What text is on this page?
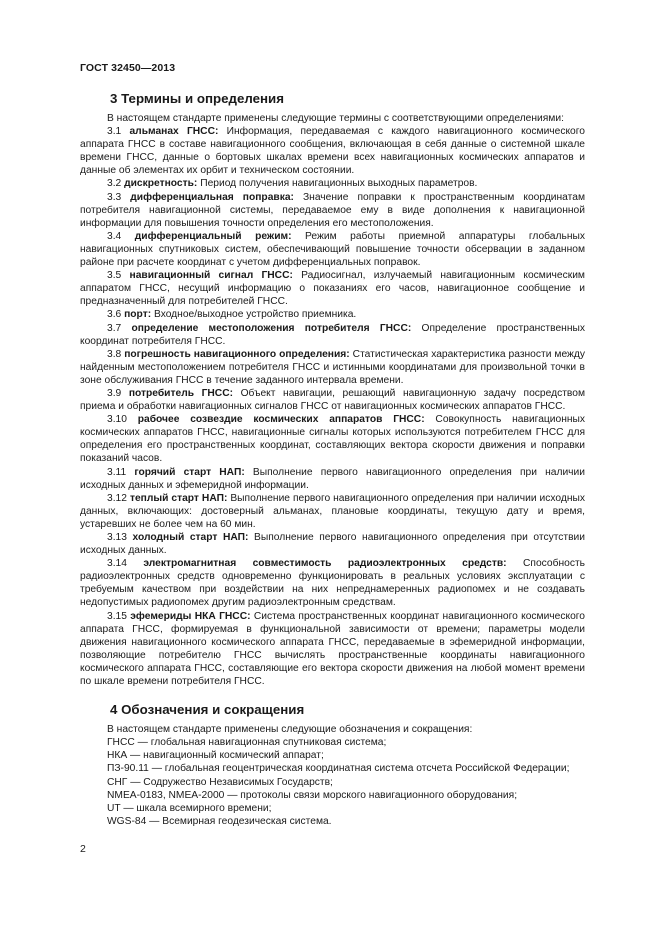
ГОСТ 32450—2013
3 Термины и определения

В настоящем стандарте применены следующие термины с соответствующими определениями:

3.1 альманах ГНСС: Информация, передаваемая с каждого навигационного космического аппарата ГНСС в составе навигационного сообщения, включающая в себя данные о системной шкале времени ГНСС, данные о бортовых шкалах времени всех навигационных космических аппаратов и данные об элементах их орбит и техническом состоянии.

3.2 дискретность: Период получения навигационных выходных параметров.

3.3 дифференциальная поправка: Значение поправки к пространственным координатам потребителя навигационной системы, передаваемое ему в виде дополнения к навигационной информации для повышения точности определения его местоположения.

3.4 дифференциальный режим: Режим работы приемной аппаратуры глобальных навигационных спутниковых систем, обеспечивающий повышение точности обсервации в заданном районе при расчете координат с учетом дифференциальных поправок.

3.5 навигационный сигнал ГНСС: Радиосигнал, излучаемый навигационным космическим аппаратом ГНСС, несущий информацию о показаниях его часов, навигационное сообщение и предназначенный для потребителей ГНСС.

3.6 порт: Входное/выходное устройство приемника.

3.7 определение местоположения потребителя ГНСС: Определение пространственных координат потребителя ГНСС.

3.8 погрешность навигационного определения: Статистическая характеристика разности между найденным местоположением потребителя ГНСС и истинными координатами для произвольной точки в зоне обслуживания ГНСС в течение заданного интервала времени.

3.9 потребитель ГНСС: Объект навигации, решающий навигационную задачу посредством приема и обработки навигационных сигналов ГНСС от навигационных космических аппаратов ГНСС.

3.10 рабочее созвездие космических аппаратов ГНСС: Совокупность навигационных космических аппаратов ГНСС, навигационные сигналы которых используются потребителем ГНСС для определения его пространственных координат, составляющих вектора скорости движения и поправки показаний часов.

3.11 горячий старт НАП: Выполнение первого навигационного определения при наличии исходных данных и эфемеридной информации.

3.12 теплый старт НАП: Выполнение первого навигационного определения при наличии исходных данных, включающих: достоверный альманах, плановые координаты, текущую дату и время, устаревших не более чем на 60 мин.

3.13 холодный старт НАП: Выполнение первого навигационного определения при отсутствии исходных данных.

3.14 электромагнитная совместимость радиоэлектронных средств: Способность радиоэлектронных средств одновременно функционировать в реальных условиях эксплуатации с требуемым качеством при воздействии на них непреднамеренных радиопомех и не создавать недопустимых радиопомех другим радиоэлектронным средствам.

3.15 эфемериды НКА ГНСС: Система пространственных координат навигационного космического аппарата ГНСС, формируемая в функциональной зависимости от времени; параметры модели движения навигационного космического аппарата ГНСС, передаваемые в эфемеридной информации, позволяющие потребителю ГНСС вычислять пространственные координаты навигационного космического аппарата ГНСС, составляющие его вектора скорости движения на любой момент времени по шкале времени потребителя ГНСС.

4 Обозначения и сокращения

В настоящем стандарте применены следующие обозначения и сокращения:

ГНСС — глобальная навигационная спутниковая система;

НКА — навигационный космический аппарат;

ПЗ-90.11 — глобальная геоцентрическая координатная система отсчета Российской Федерации;

СНГ — Содружество Независимых Государств;

NMEA-0183, NMEA-2000 — протоколы связи морского навигационного оборудования;

UT — шкала всемирного времени;

WGS-84 — Всемирная геодезическая система.

2
